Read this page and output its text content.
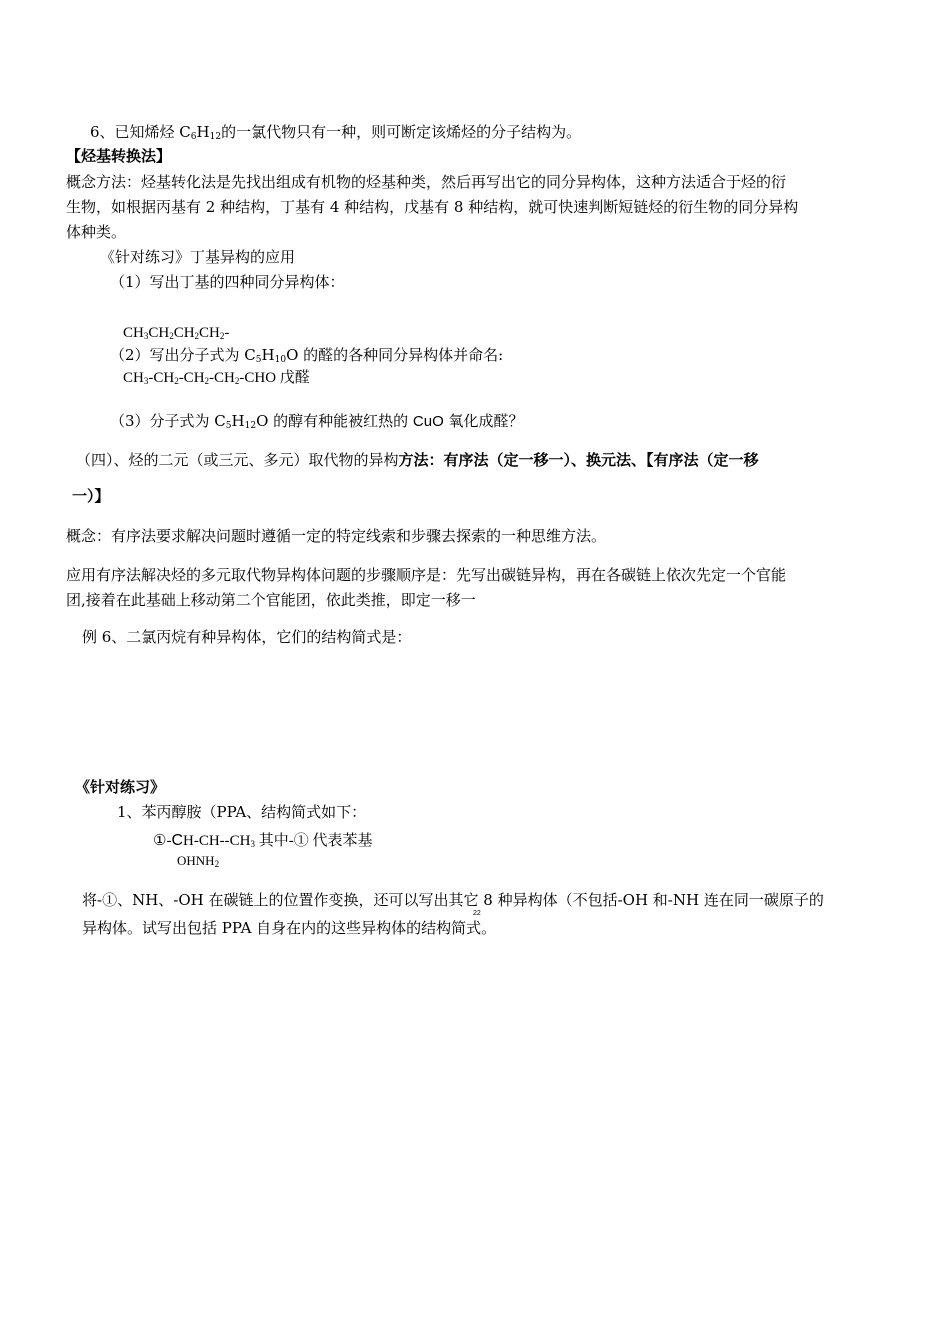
6、已知烯烃 $C_6H_{12}$的一氯代物只有一种，则可断定该烯烃的分子结构为。
【烃基转换法】
概念方法：烃基转化法是先找出组成有机物的烃基种类，然后再写出它的同分异构体，这种方法适合于烃的衍
生物，如根据丙基有 2 种结构，丁基有 4 种结构，戊基有 8 种结构，就可快速判断短链烃的衍生物的同分异构
体种类。
《针对练习》丁基异构的应用
（1）写出丁基的四种同分异构体：
$CH_3CH_2CH_2CH_2-$
（2）写出分子式为 $C_5H_{10}O$ 的醛的各种同分异构体并命名:
$CH_3-CH_2-CH_2-CH_2$-CHO 戊醛
（3）分子式为 $C_5H_{12}O$ 的醇有种能被红热的 CuO 氧化成醛？
（四）、烃的二元（或三元、多元）取代物的异构方法：有序法（定一移一）、换元法、【有序法（定一移
一）】
概念：有序法要求解决问题时遵循一定的特定线索和步骤去探索的一种思维方法。
应用有序法解决烃的多元取代物异构体问题的步骤顺序是：先写出碳链异构，再在各碳链上依次先定一个官能
团,接着在此基础上移动第二个官能团，依此类推，即定一移一
例 6、二氯丙烷有种异构体，它们的结构简式是：
《针对练习》
1、苯丙醇胺（PPA、结构简式如下：
$①-CH-CH--CH_3$ 其中-① 代表苯基
$OHNH_2$
将-①、NH、-OH 在碳链上的位置作变换，还可以写出其它 8 种异构体（不包括-OH 和-NH 连在同一碳原子的
22
异构体。试写出包括 PPA 自身在内的这些异构体的结构简式。
